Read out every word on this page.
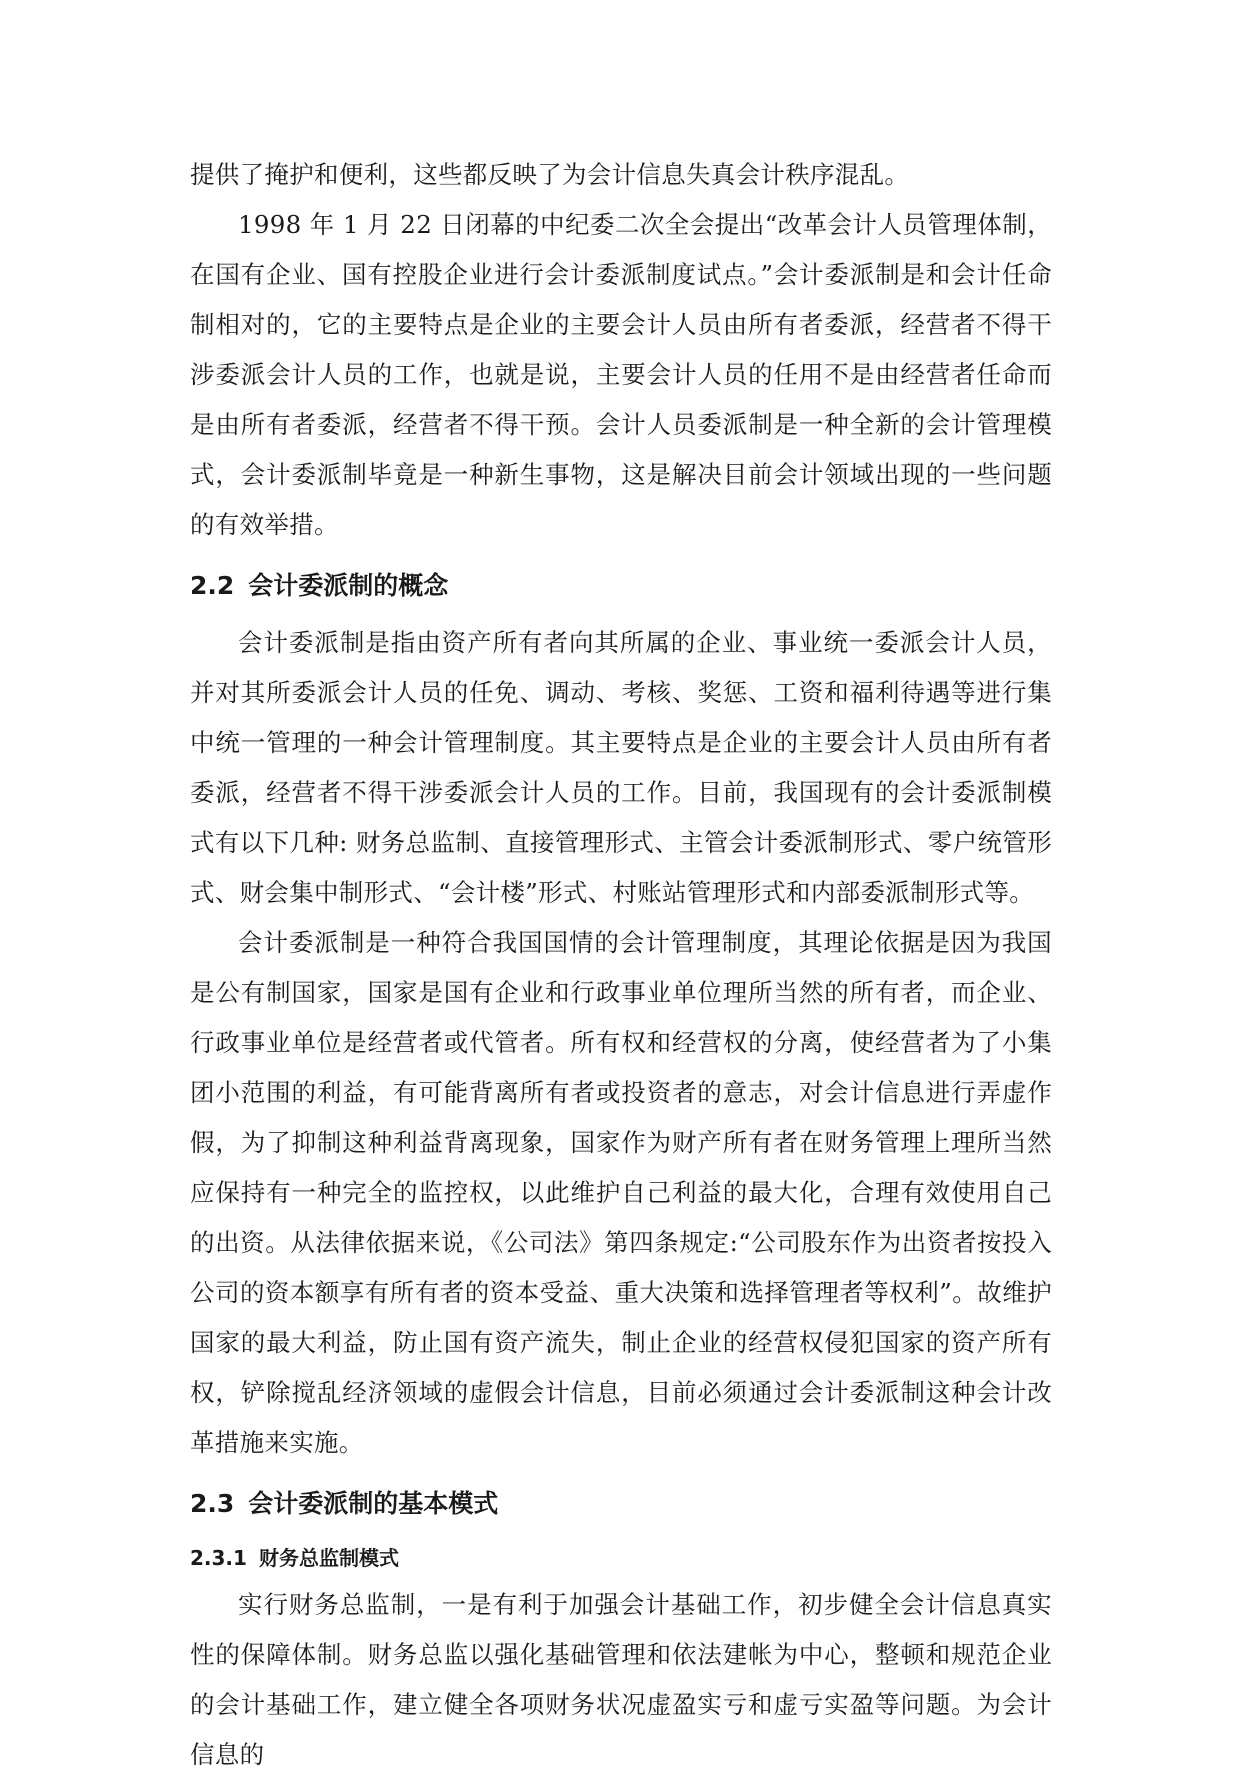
提供了掩护和便利，这些都反映了为会计信息失真会计秩序混乱。

1998 年 1 月 22 日闭幕的中纪委二次全会提出“改革会计人员管理体制，在国有企业、国有控股企业进行会计委派制度试点。”会计委派制是和会计任命制相对的，它的主要特点是企业的主要会计人员由所有者委派，经营者不得干涉委派会计人员的工作，也就是说，主要会计人员的任用不是由经营者任命而是由所有者委派，经营者不得干预。会计人员委派制是一种全新的会计管理模式，会计委派制毕竟是一种新生事物，这是解决目前会计领域出现的一些问题的有效举措。

2.2 会计委派制的概念

会计委派制是指由资产所有者向其所属的企业、事业统一委派会计人员，并对其所委派会计人员的任免、调动、考核、奖惩、工资和福利待遇等进行集中统一管理的一种会计管理制度。其主要特点是企业的主要会计人员由所有者委派，经营者不得干涉委派会计人员的工作。目前，我国现有的会计委派制模式有以下几种: 财务总监制、直接管理形式、主管会计委派制形式、零户统管形式、财会集中制形式、“会计楼”形式、村账站管理形式和内部委派制形式等。

会计委派制是一种符合我国国情的会计管理制度，其理论依据是因为我国是公有制国家，国家是国有企业和行政事业单位理所当然的所有者，而企业、行政事业单位是经营者或代管者。所有权和经营权的分离，使经营者为了小集团小范围的利益，有可能背离所有者或投资者的意志，对会计信息进行弄虚作假，为了抑制这种利益背离现象，国家作为财产所有者在财务管理上理所当然应保持有一种完全的监控权，以此维护自己利益的最大化，合理有效使用自己的出资。从法律依据来说，《公司法》第四条规定:“公司股东作为出资者按投入公司的资本额享有所有者的资本受益、重大决策和选择管理者等权利”。故维护国家的最大利益，防止国有资产流失，制止企业的经营权侵犯国家的资产所有权，铲除搅乱经济领域的虚假会计信息，目前必须通过会计委派制这种会计改革措施来实施。

2.3 会计委派制的基本模式
2.3.1 财务总监制模式

实行财务总监制，一是有利于加强会计基础工作，初步健全会计信息真实性的保障体制。财务总监以强化基础管理和依法建帐为中心，整顿和规范企业的会计基础工作，建立健全各项财务状况虚盈实亏和虚亏实盈等问题。为会计信息的
